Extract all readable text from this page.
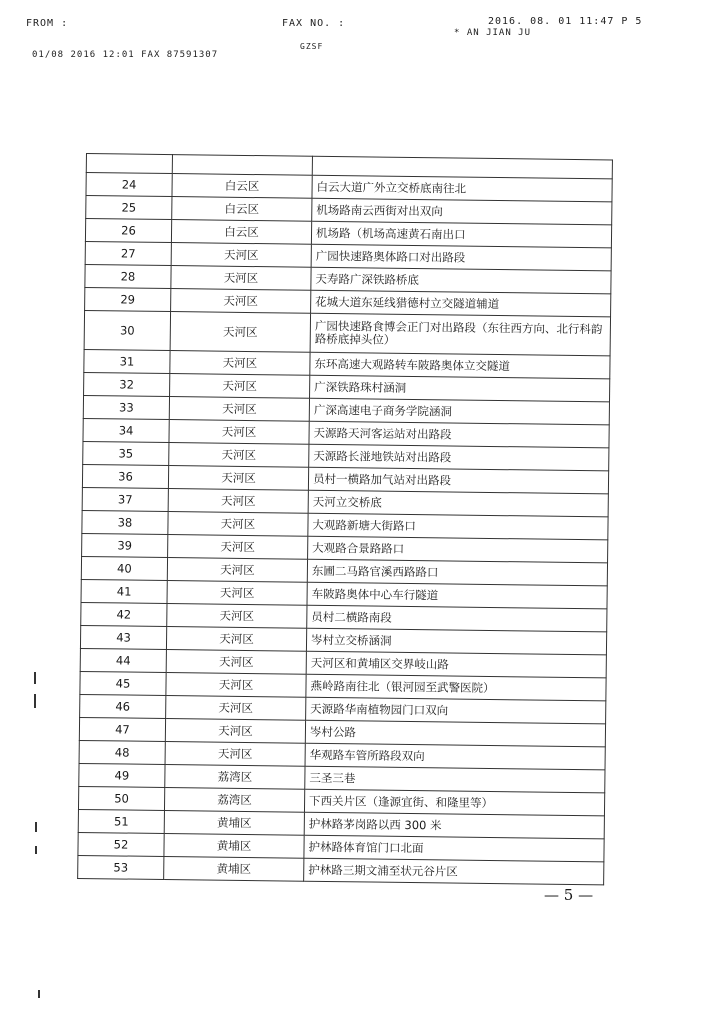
FROM :	FAX NO. :	2016. 08. 01 11:47 P 5
* AN JIAN JU
01/08 2016 12:01 FAX 87591307
GZSF

24	白云区	白云大道广外立交桥底南往北
25	白云区	机场路南云西街对出双向
26	白云区	机场路（机场高速黄石南出口
27	天河区	广园快速路奥体路口对出路段
28	天河区	天寿路广深铁路桥底
29	天河区	花城大道东延线猎德村立交隧道辅道
30	天河区	广园快速路食博会正门对出路段（东往西方向、北行科韵路桥底掉头位）
31	天河区	东环高速大观路转车陂路奥体立交隧道
32	天河区	广深铁路珠村涵洞
33	天河区	广深高速电子商务学院涵洞
34	天河区	天源路天河客运站对出路段
35	天河区	天源路长湴地铁站对出路段
36	天河区	员村一横路加气站对出路段
37	天河区	天河立交桥底
38	天河区	大观路新塘大街路口
39	天河区	大观路合景路路口
40	天河区	东圃二马路官溪西路路口
41	天河区	车陂路奥体中心车行隧道
42	天河区	员村二横路南段
43	天河区	岑村立交桥涵洞
44	天河区	天河区和黄埔区交界岐山路
45	天河区	燕岭路南往北（银河园至武警医院）
46	天河区	天源路华南植物园门口双向
47	天河区	岑村公路
48	天河区	华观路车管所路段双向
49	荔湾区	三圣三巷
50	荔湾区	下西关片区（逢源宜街、和隆里等）
51	黄埔区	护林路茅岗路以西 300 米
52	黄埔区	护林路体育馆门口北面
53	黄埔区	护林路三期文浦至状元谷片区
— 5 —
